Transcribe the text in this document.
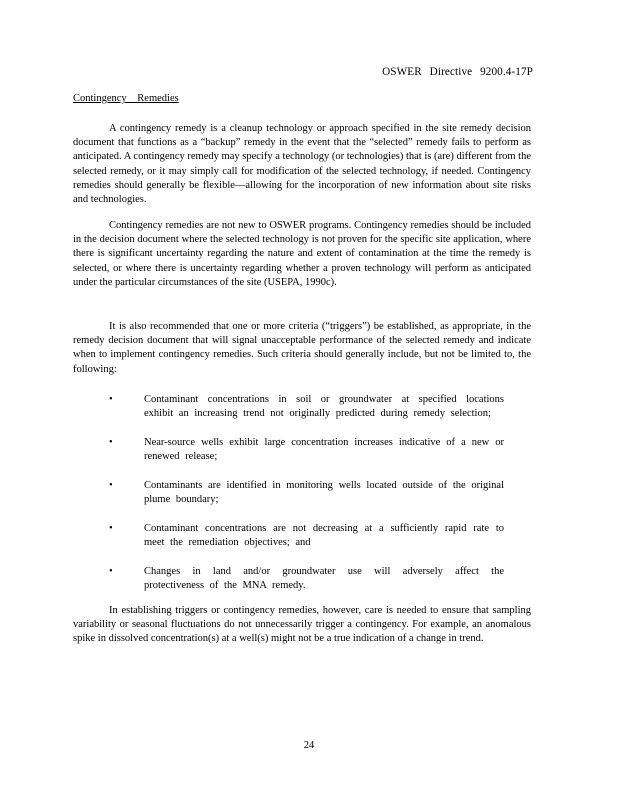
OSWER Directive 9200.4-17P
Contingency Remedies

A contingency remedy is a cleanup technology or approach specified in the site remedy decision document that functions as a “backup” remedy in the event that the “selected” remedy fails to perform as anticipated. A contingency remedy may specify a technology (or technologies) that is (are) different from the selected remedy, or it may simply call for modification of the selected technology, if needed. Contingency remedies should generally be flexible—allowing for the incorporation of new information about site risks and technologies.

Contingency remedies are not new to OSWER programs. Contingency remedies should be included in the decision document where the selected technology is not proven for the specific site application, where there is significant uncertainty regarding the nature and extent of contamination at the time the remedy is selected, or where there is uncertainty regarding whether a proven technology will perform as anticipated under the particular circumstances of the site (USEPA, 1990c).

It is also recommended that one or more criteria (“triggers”) be established, as appropriate, in the remedy decision document that will signal unacceptable performance of the selected remedy and indicate when to implement contingency remedies. Such criteria should generally include, but not be limited to, the following:

•	Contaminant concentrations in soil or groundwater at specified locations exhibit an increasing trend not originally predicted during remedy selection;
•	Near-source wells exhibit large concentration increases indicative of a new or renewed release;
•	Contaminants are identified in monitoring wells located outside of the original plume boundary;
•	Contaminant concentrations are not decreasing at a sufficiently rapid rate to meet the remediation objectives; and
•	Changes in land and/or groundwater use will adversely affect the protectiveness of the MNA remedy.

In establishing triggers or contingency remedies, however, care is needed to ensure that sampling variability or seasonal fluctuations do not unnecessarily trigger a contingency. For example, an anomalous spike in dissolved concentration(s) at a well(s) might not be a true indication of a change in trend.

24
